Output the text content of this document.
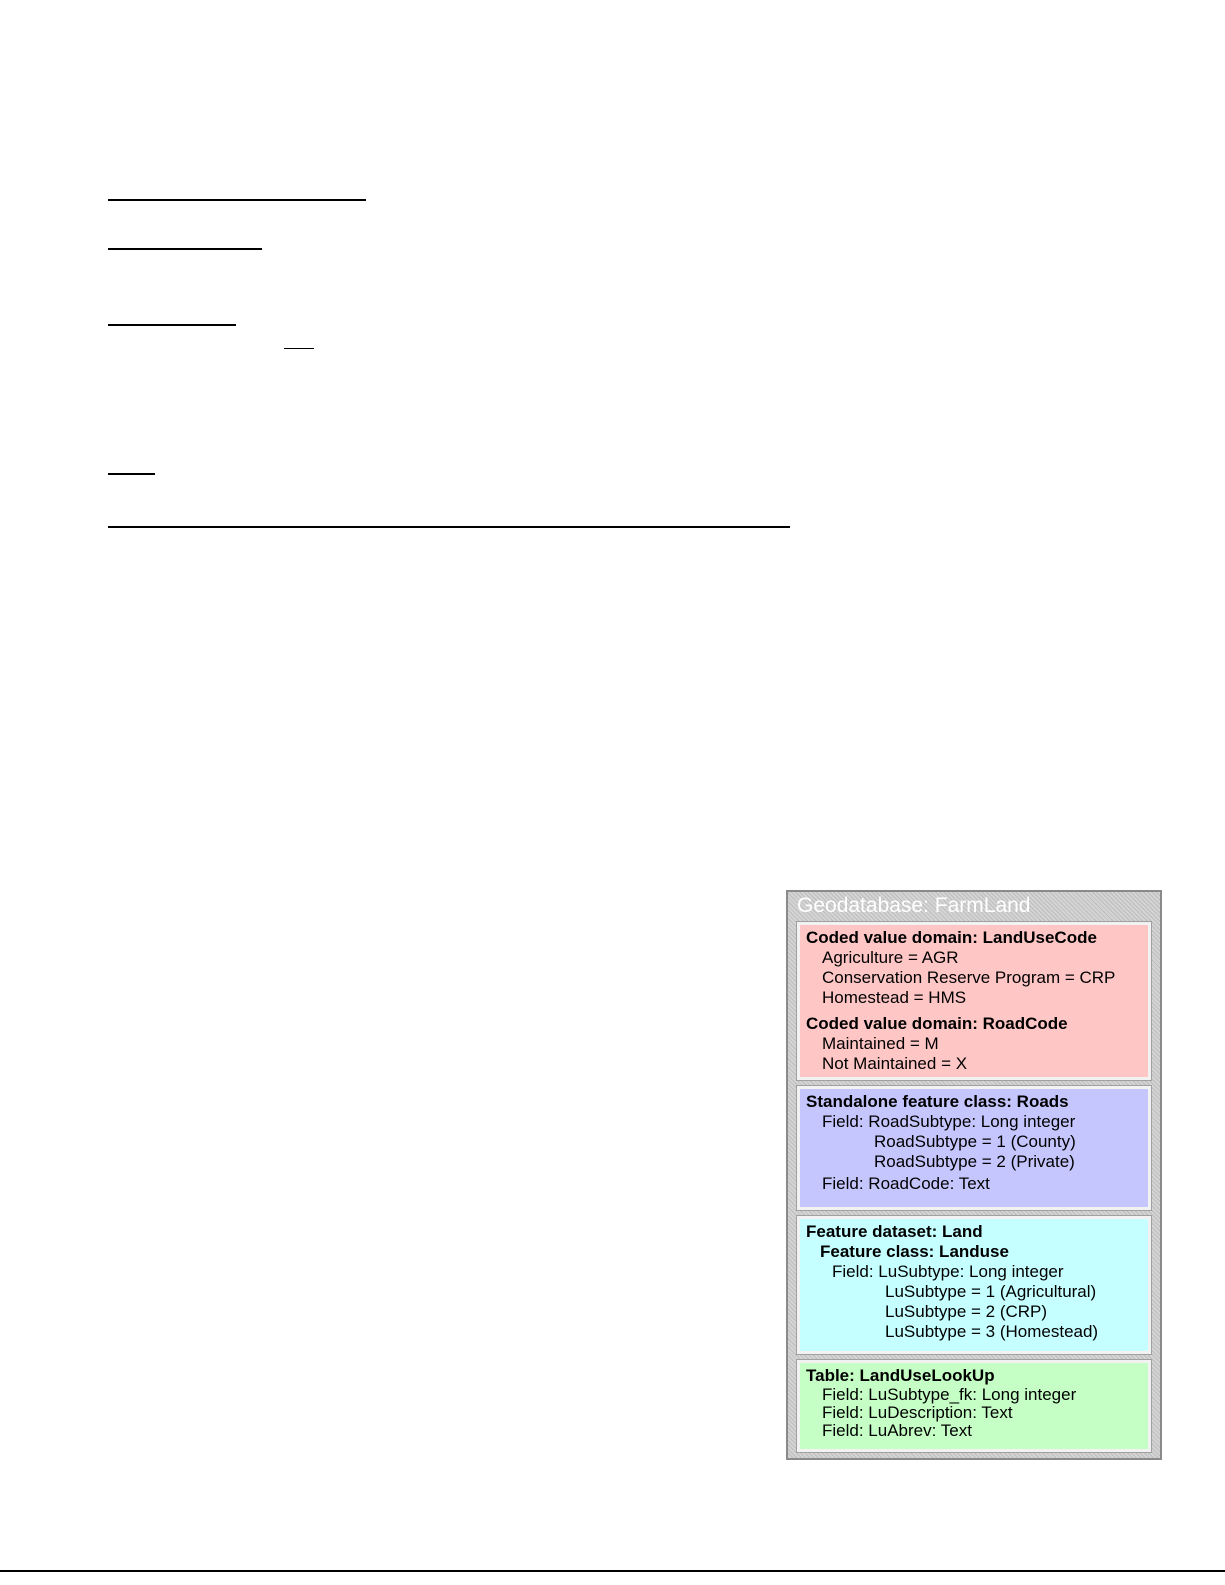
Geodatabase: FarmLand
Coded value domain: LandUseCode
Agriculture = AGR
Conservation Reserve Program = CRP
Homestead = HMS
Coded value domain: RoadCode
Maintained = M
Not Maintained = X
Standalone feature class: Roads
Field: RoadSubtype: Long integer
RoadSubtype = 1 (County)
RoadSubtype = 2 (Private)
Field: RoadCode: Text
Feature dataset: Land
Feature class: Landuse
Field: LuSubtype: Long integer
LuSubtype = 1 (Agricultural)
LuSubtype = 2 (CRP)
LuSubtype = 3 (Homestead)
Table: LandUseLookUp
Field: LuSubtype_fk: Long integer
Field: LuDescription: Text
Field: LuAbrev: Text
